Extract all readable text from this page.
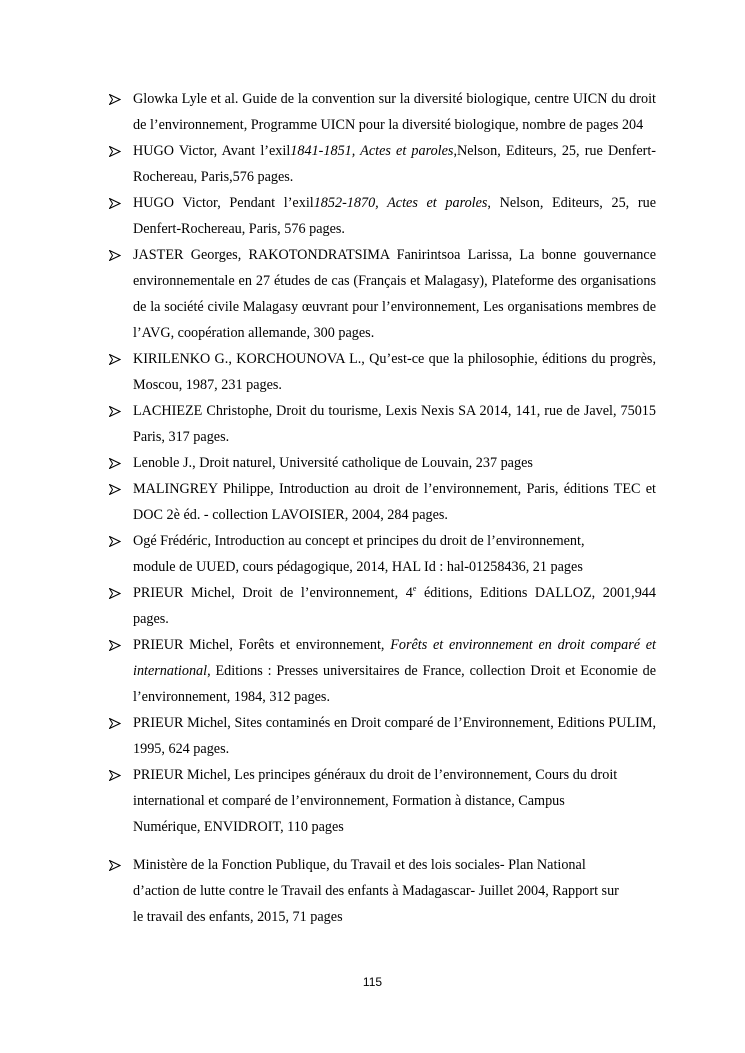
Glowka Lyle et al. Guide de la convention sur la diversité biologique, centre UICN du droit de l’environnement, Programme UICN pour la diversité biologique, nombre de pages 204
HUGO Victor, Avant l’exil1841-1851, Actes et paroles,Nelson, Editeurs, 25, rue Denfert-Rochereau, Paris,576 pages.
HUGO Victor, Pendant l’exil1852-1870, Actes et paroles, Nelson, Editeurs, 25, rue Denfert-Rochereau, Paris, 576 pages.
JASTER Georges, RAKOTONDRATSIMA Fanirintsoa Larissa, La bonne gouvernance environnementale en 27 études de cas (Français et Malagasy), Plateforme des organisations de la société civile Malagasy œuvrant pour l’environnement, Les organisations membres de l’AVG, coopération allemande, 300 pages.
KIRILENKO G., KORCHOUNOVA L., Qu’est-ce que la philosophie, éditions du progrès, Moscou, 1987, 231 pages.
LACHIEZE Christophe, Droit du tourisme, Lexis Nexis SA 2014, 141, rue de Javel, 75015 Paris, 317 pages.
Lenoble J., Droit naturel, Université catholique de Louvain, 237 pages
MALINGREY Philippe, Introduction au droit de l’environnement, Paris, éditions TEC et DOC 2è éd. - collection LAVOISIER, 2004, 284 pages.
Ogé Frédéric, Introduction au concept et principes du droit de l’environnement,
module de UUED, cours pédagogique, 2014, HAL Id : hal-01258436, 21 pages
PRIEUR Michel, Droit de l’environnement, 4e éditions, Editions DALLOZ, 2001,944 pages.
PRIEUR Michel, Forêts et environnement, Forêts et environnement en droit comparé et international, Editions : Presses universitaires de France, collection Droit et Economie de l’environnement, 1984, 312 pages.
PRIEUR Michel, Sites contaminés en Droit comparé de l’Environnement, Editions PULIM, 1995, 624 pages.
PRIEUR Michel, Les principes généraux du droit de l’environnement, Cours du droit
international et comparé de l’environnement, Formation à distance, Campus
Numérique, ENVIDROIT, 110 pages
Ministère de la Fonction Publique, du Travail et des lois sociales- Plan National
d’action de lutte contre le Travail des enfants à Madagascar- Juillet 2004, Rapport sur
le travail des enfants, 2015, 71 pages
115
